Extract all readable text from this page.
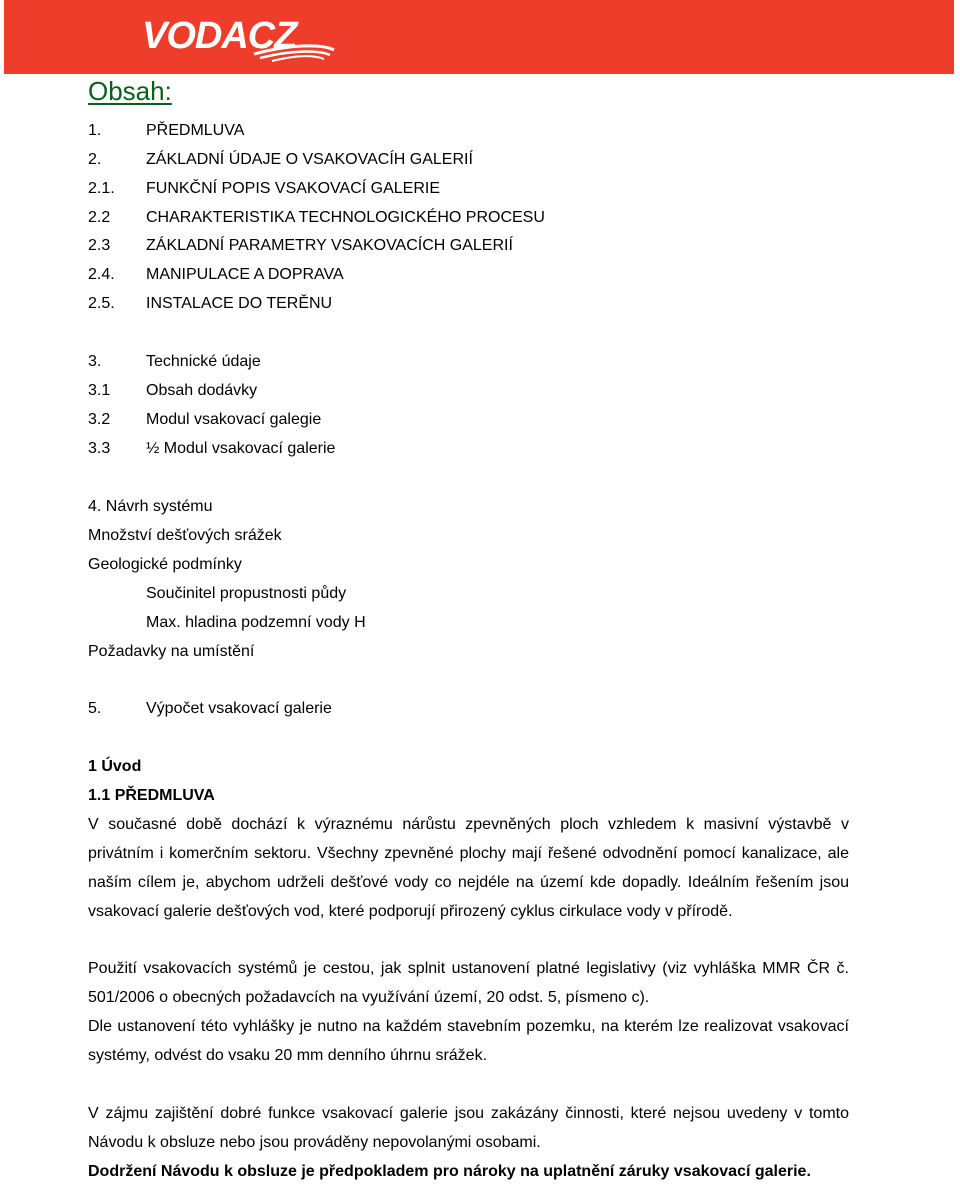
VODACZ
Obsah:
1.	PŘEDMLUVA
2.	ZÁKLADNÍ ÚDAJE O VSAKOVACÍH GALERIÍ
2.1. FUNKČNÍ POPIS VSAKOVACÍ GALERIE
2.2 CHARAKTERISTIKA TECHNOLOGICKÉHO PROCESU
2.3 ZÁKLADNÍ PARAMETRY VSAKOVACÍCH GALERIÍ
2.4. MANIPULACE A DOPRAVA
2.5. INSTALACE DO TERĚNU
3.	Technické údaje
3.1 Obsah dodávky
3.2 Modul vsakovací galegie
3.3 ½ Modul vsakovací galerie
4. Návrh systému
Množství dešťových srážek
Geologické podmínky
Součinitel propustnosti půdy
Max. hladina podzemní vody H
Požadavky na umístění
5.	Výpočet vsakovací galerie
1 Úvod
1.1 PŘEDMLUVA

V současné době dochází k výraznému nárůstu zpevněných ploch vzhledem k masivní výstavbě v privátním i komerčním sektoru. Všechny zpevněné plochy mají řešené odvodnění pomocí kanalizace, ale naším cílem je, abychom udrželi dešťové vody co nejdéle na území kde dopadly. Ideálním řešením jsou vsakovací galerie dešťových vod, které podporují přirozený cyklus cirkulace vody v přírodě.

Použití vsakovacích systémů je cestou, jak splnit ustanovení platné legislativy (viz vyhláška MMR ČR č. 501/2006 o obecných požadavcích na využívání území, 20 odst. 5, písmeno c).

Dle ustanovení této vyhlášky je nutno na každém stavebním pozemku, na kterém lze realizovat vsakovací systémy, odvést do vsaku 20 mm denního úhrnu srážek.

V zájmu zajištění dobré funkce vsakovací galerie jsou zakázány činnosti, které nejsou uvedeny v tomto Návodu k obsluze nebo jsou prováděny nepovolanými osobami.

Dodržení Návodu k obsluze je předpokladem pro nároky na uplatnění záruky vsakovací galerie.
